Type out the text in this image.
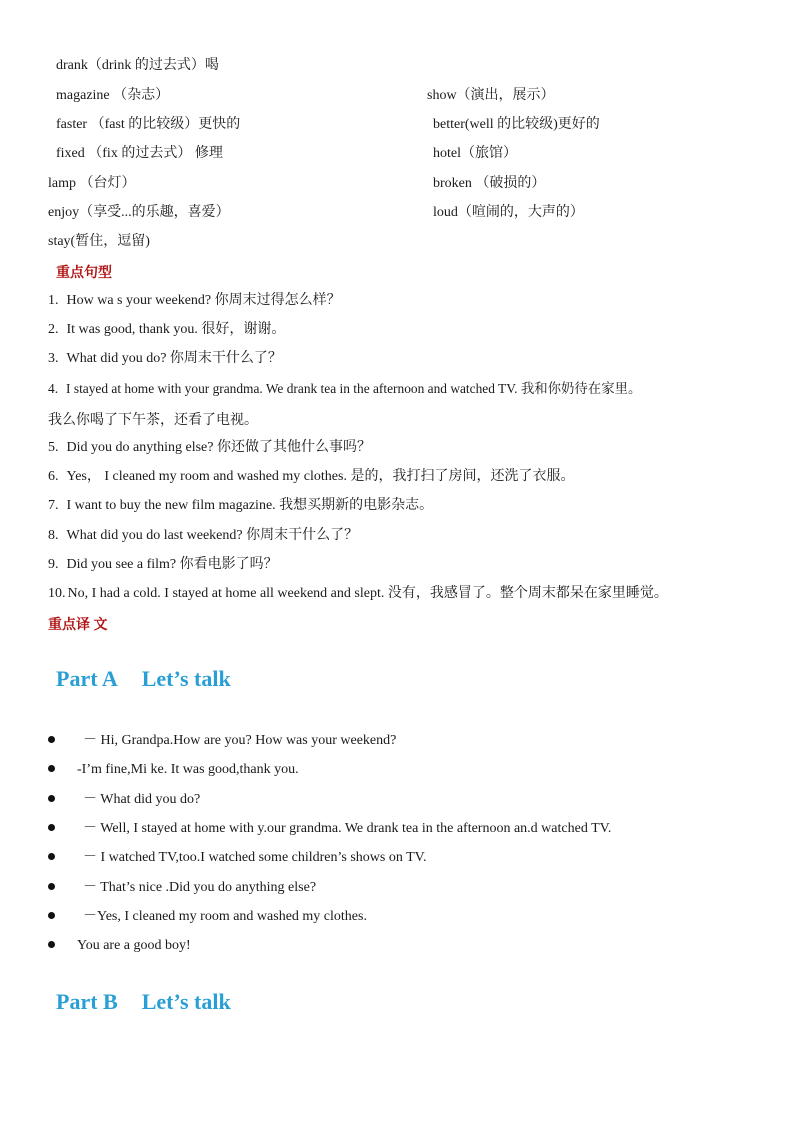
drank（drink 的过去式）喝
magazine （杂志）	show（演出，展示）
faster （fast 的比较级）更快的	better(well 的比较级)更好的
fixed （fix 的过去式） 修理	hotel（旅馆）
lamp （台灯）	broken （破损的）
enjoy（享受...的乐趣，喜爱）	loud（喧闹的，大声的）
stay(暂住，逗留)
重点句型
1. How wa s your weekend? 你周末过得怎么样？
2. It was good, thank you. 很好，谢谢。
3. What did you do? 你周末干什么了？
4. I stayed at home with your grandma. We drank tea in the afternoon and watched TV. 我和你奶待在家里。
我么你喝了下午茶，还看了电视。
5. Did you do anything else? 你还做了其他什么事吗？
6. Yes， I cleaned my room and washed my clothes. 是的，我打扫了房间，还洗了衣服。
7. I want to buy the new film magazine. 我想买期新的电影杂志。
8. What did you do last weekend? 你周末干什么了？
9. Did you see a film? 你看电影了吗？
10. No, I had a cold. I stayed at home all weekend and slept. 没有，我感冒了。整个周末都呆在家里睡觉。
重点译 文
Part A Let’s talk
－ Hi, Grandpa.How are you? How was your weekend?
-I’m fine,Mi ke. It was good,thank you.
－ What did you do?
－ Well, I stayed at home with y.our grandma. We drank tea in the afternoon an.d watched TV.
－ I watched TV,too.I watched some children’s shows on TV.
－ That’s nice .Did you do anything else?
－Yes, I cleaned my room and washed my clothes.
You are a good boy!
Part B Let’s talk
